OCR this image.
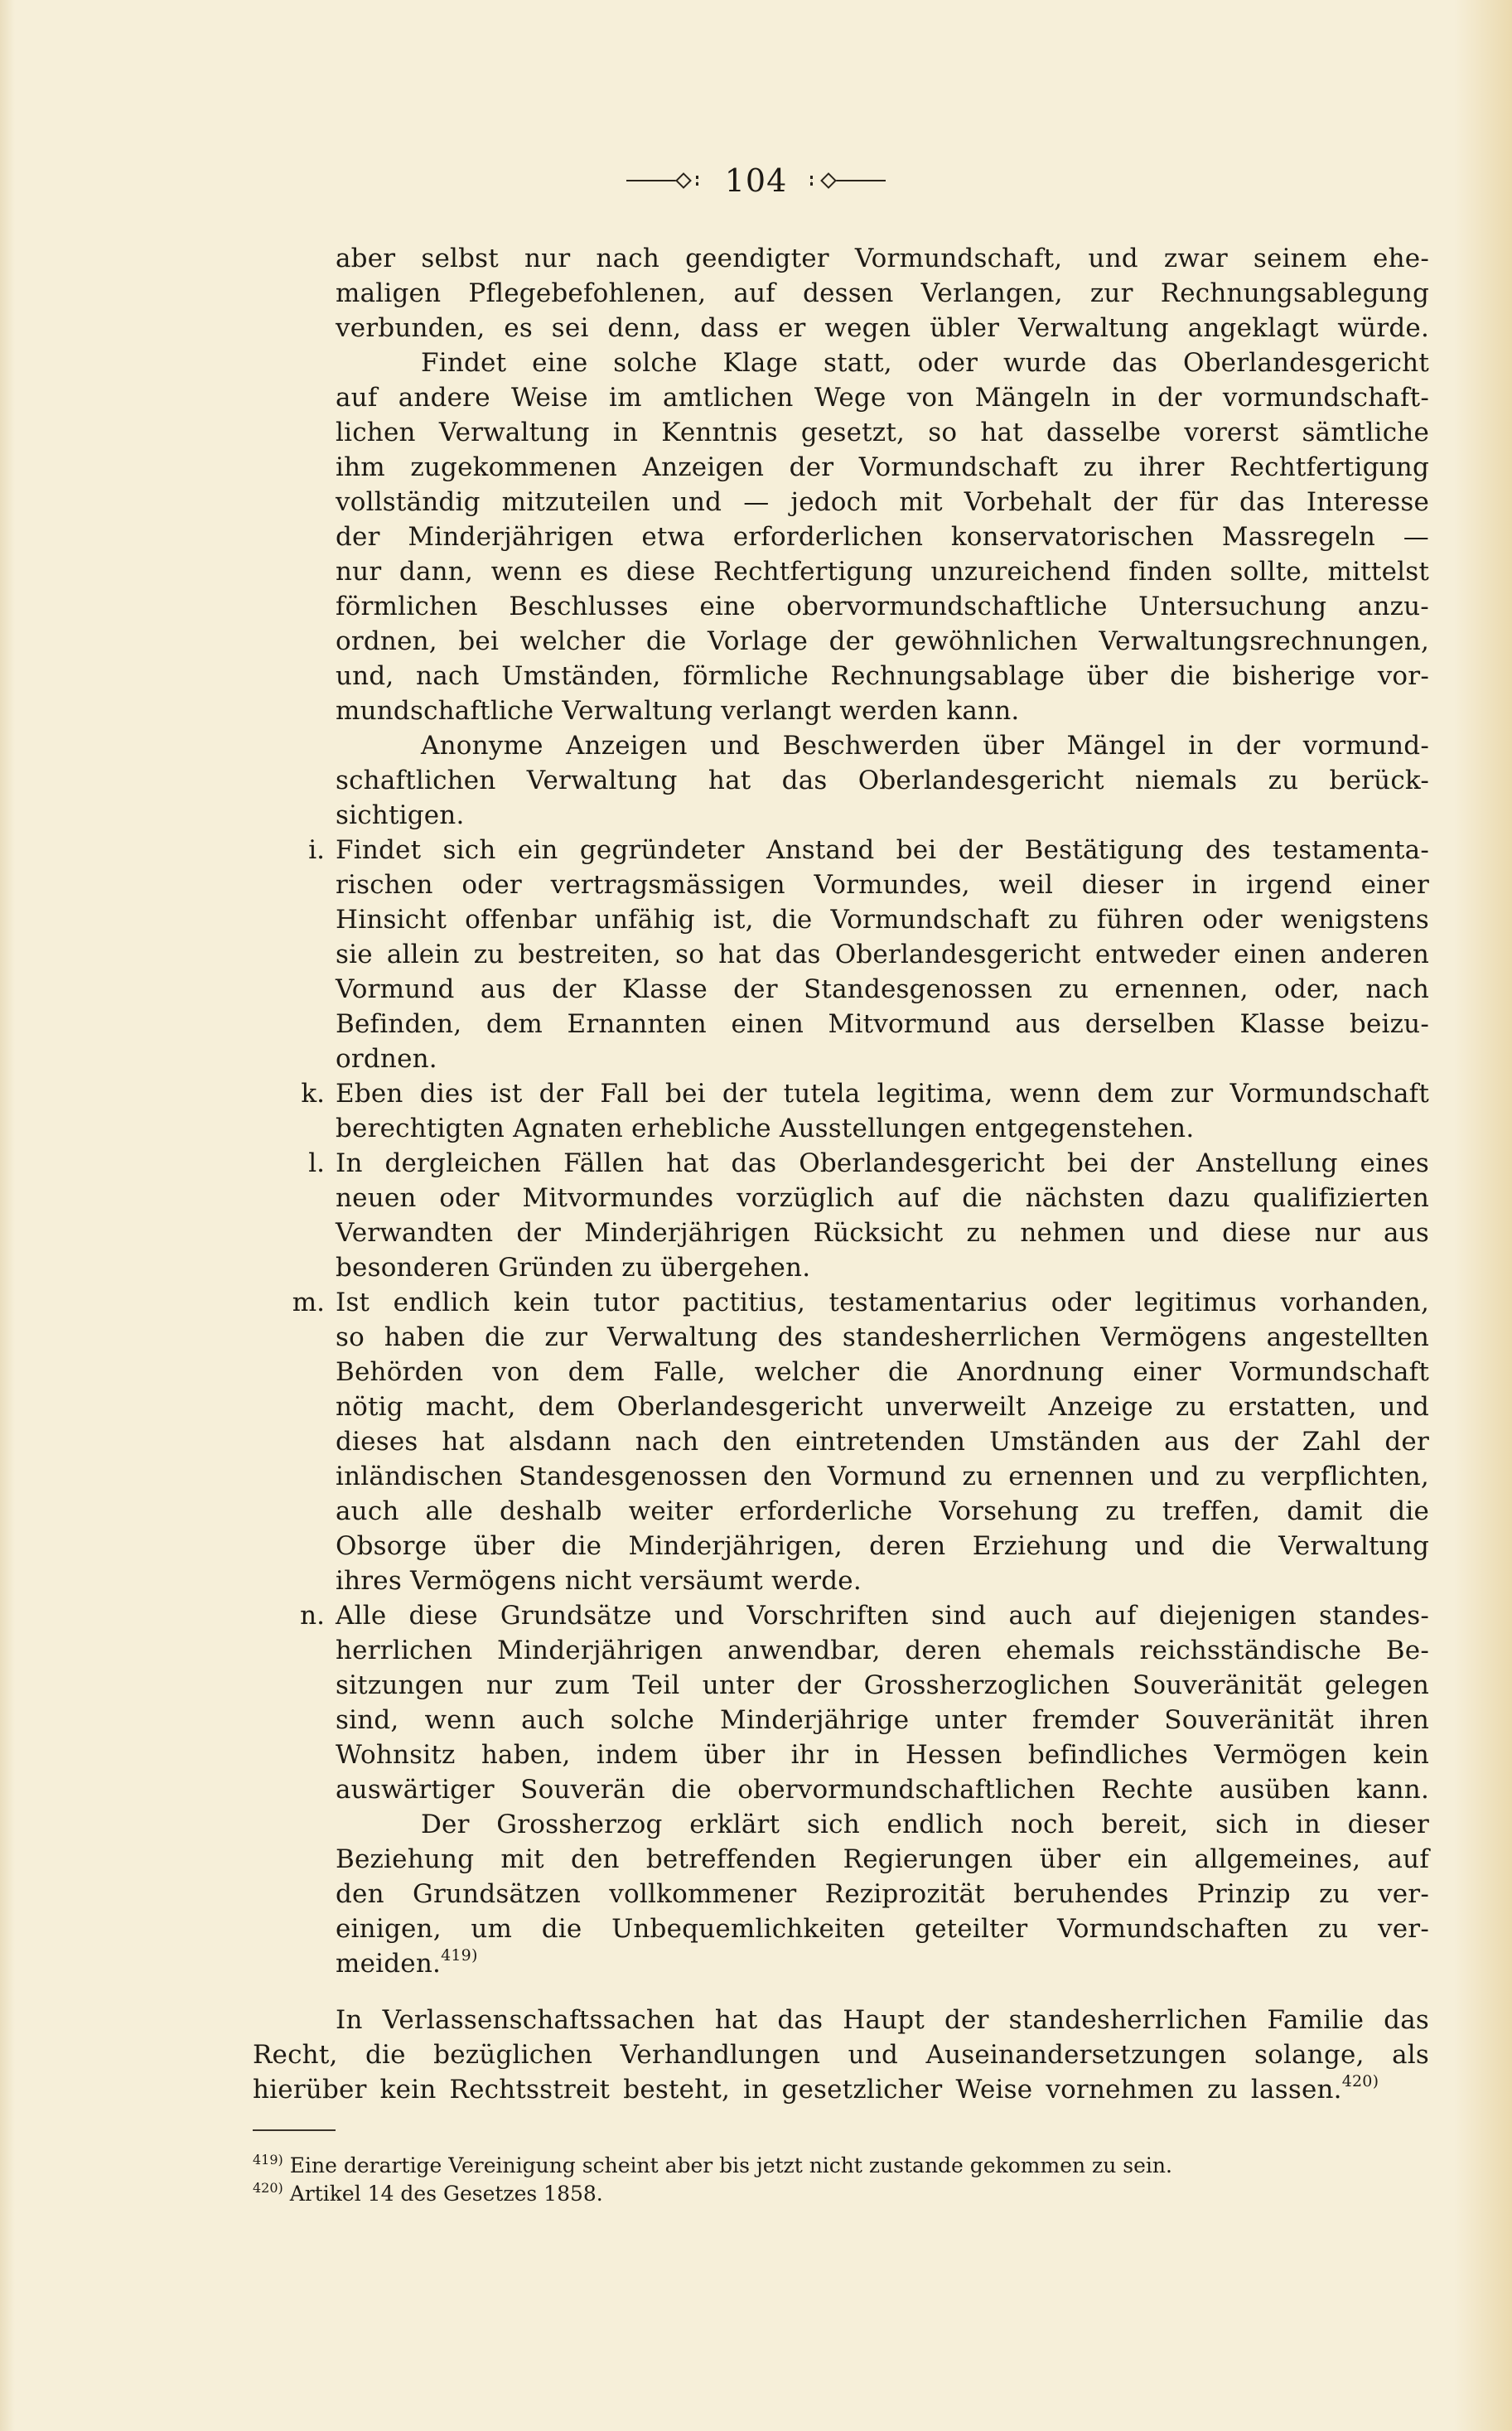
104
aber selbst nur nach geendigter Vormundschaft, und zwar seinem ehe-
maligen Pflegebefohlenen, auf dessen Verlangen, zur Rechnungsablegung
verbunden, es sei denn, dass er wegen übler Verwaltung angeklagt würde.
Findet eine solche Klage statt, oder wurde das Oberlandesgericht
auf andere Weise im amtlichen Wege von Mängeln in der vormundschaft-
lichen Verwaltung in Kenntnis gesetzt, so hat dasselbe vorerst sämtliche
ihm zugekommenen Anzeigen der Vormundschaft zu ihrer Rechtfertigung
vollständig mitzuteilen und — jedoch mit Vorbehalt der für das Interesse
der Minderjährigen etwa erforderlichen konservatorischen Massregeln —
nur dann, wenn es diese Rechtfertigung unzureichend finden sollte, mittelst
förmlichen Beschlusses eine obervormundschaftliche Untersuchung anzu-
ordnen, bei welcher die Vorlage der gewöhnlichen Verwaltungsrechnungen,
und, nach Umständen, förmliche Rechnungsablage über die bisherige vor-
mundschaftliche Verwaltung verlangt werden kann.
Anonyme Anzeigen und Beschwerden über Mängel in der vormund-
schaftlichen Verwaltung hat das Oberlandesgericht niemals zu berück-
sichtigen.
Findet sich ein gegründeter Anstand bei der Bestätigung des testamenta-
rischen oder vertragsmässigen Vormundes, weil dieser in irgend einer
Hinsicht offenbar unfähig ist, die Vormundschaft zu führen oder wenigstens
sie allein zu bestreiten, so hat das Oberlandesgericht entweder einen anderen
Vormund aus der Klasse der Standesgenossen zu ernennen, oder, nach
Befinden, dem Ernannten einen Mitvormund aus derselben Klasse beizu-
ordnen.
Eben dies ist der Fall bei der tutela legitima, wenn dem zur Vormundschaft
berechtigten Agnaten erhebliche Ausstellungen entgegenstehen.
In dergleichen Fällen hat das Oberlandesgericht bei der Anstellung eines
neuen oder Mitvormundes vorzüglich auf die nächsten dazu qualifizierten
Verwandten der Minderjährigen Rücksicht zu nehmen und diese nur aus
besonderen Gründen zu übergehen.
Ist endlich kein tutor pactitius, testamentarius oder legitimus vorhanden,
so haben die zur Verwaltung des standesherrlichen Vermögens angestellten
Behörden von dem Falle, welcher die Anordnung einer Vormundschaft
nötig macht, dem Oberlandesgericht unverweilt Anzeige zu erstatten, und
dieses hat alsdann nach den eintretenden Umständen aus der Zahl der
inländischen Standesgenossen den Vormund zu ernennen und zu verpflichten,
auch alle deshalb weiter erforderliche Vorsehung zu treffen, damit die
Obsorge über die Minderjährigen, deren Erziehung und die Verwaltung
ihres Vermögens nicht versäumt werde.
Alle diese Grundsätze und Vorschriften sind auch auf diejenigen standes-
herrlichen Minderjährigen anwendbar, deren ehemals reichsständische Be-
sitzungen nur zum Teil unter der Grossherzoglichen Souveränität gelegen
sind, wenn auch solche Minderjährige unter fremder Souveränität ihren
Wohnsitz haben, indem über ihr in Hessen befindliches Vermögen kein
auswärtiger Souverän die obervormundschaftlichen Rechte ausüben kann.
Der Grossherzog erklärt sich endlich noch bereit, sich in dieser
Beziehung mit den betreffenden Regierungen über ein allgemeines, auf
den Grundsätzen vollkommener Reziprozität beruhendes Prinzip zu ver-
einigen, um die Unbequemlichkeiten geteilter Vormundschaften zu ver-
meiden.$^{419)}$
In Verlassenschaftssachen hat das Haupt der standesherrlichen Familie das
Recht, die bezüglichen Verhandlungen und Auseinandersetzungen solange, als
hierüber kein Rechtsstreit besteht, in gesetzlicher Weise vornehmen zu lassen.$^{420)}$
i.
k.
l.
m.
n.
$^{419)}$ Eine derartige Vereinigung scheint aber bis jetzt nicht zustande gekommen zu sein.
$^{420)}$ Artikel 14 des Gesetzes 1858.
